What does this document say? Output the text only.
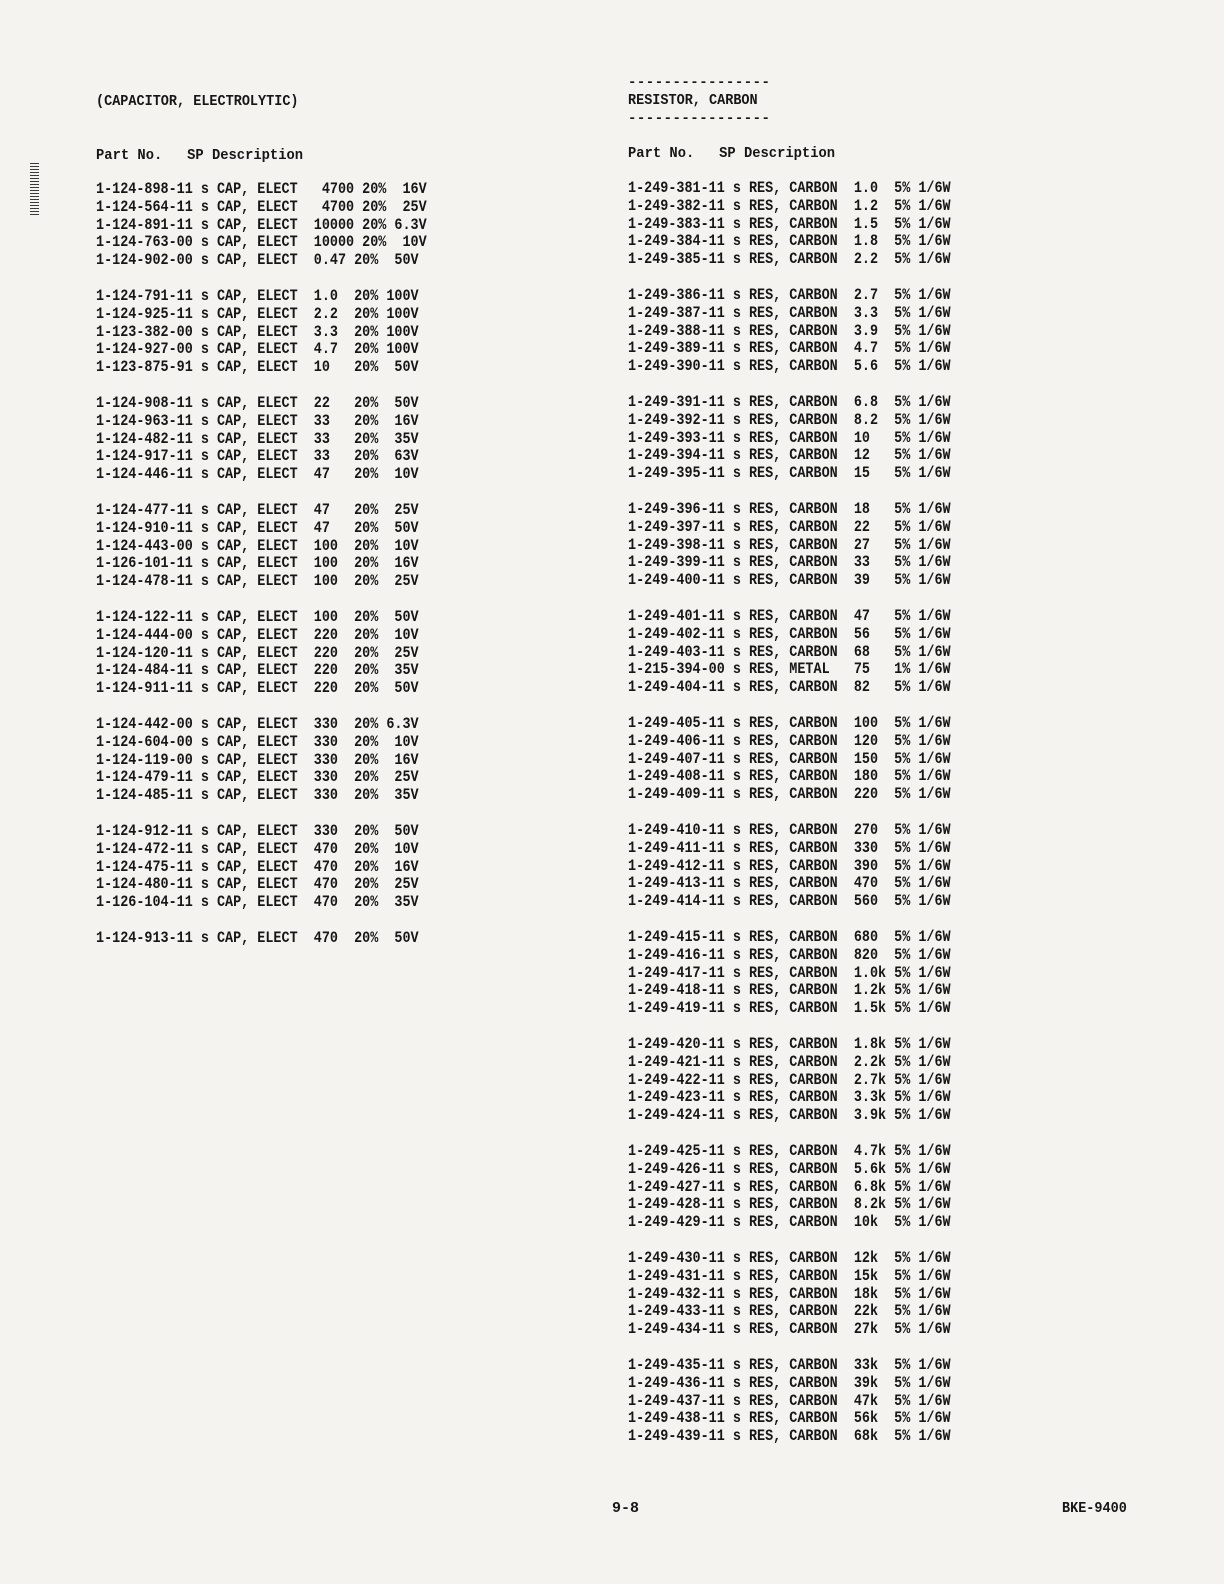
(CAPACITOR, ELECTROLYTIC)
Part No.   SP Description
1-124-898-11 s CAP, ELECT   4700 20%  16V
1-124-564-11 s CAP, ELECT   4700 20%  25V
1-124-891-11 s CAP, ELECT  10000 20% 6.3V
1-124-763-00 s CAP, ELECT  10000 20%  10V
1-124-902-00 s CAP, ELECT  0.47 20%  50V
1-124-791-11 s CAP, ELECT  1.0  20% 100V
1-124-925-11 s CAP, ELECT  2.2  20% 100V
1-123-382-00 s CAP, ELECT  3.3  20% 100V
1-124-927-00 s CAP, ELECT  4.7  20% 100V
1-123-875-91 s CAP, ELECT  10   20%  50V
1-124-908-11 s CAP, ELECT  22   20%  50V
1-124-963-11 s CAP, ELECT  33   20%  16V
1-124-482-11 s CAP, ELECT  33   20%  35V
1-124-917-11 s CAP, ELECT  33   20%  63V
1-124-446-11 s CAP, ELECT  47   20%  10V
1-124-477-11 s CAP, ELECT  47   20%  25V
1-124-910-11 s CAP, ELECT  47   20%  50V
1-124-443-00 s CAP, ELECT  100  20%  10V
1-126-101-11 s CAP, ELECT  100  20%  16V
1-124-478-11 s CAP, ELECT  100  20%  25V
1-124-122-11 s CAP, ELECT  100  20%  50V
1-124-444-00 s CAP, ELECT  220  20%  10V
1-124-120-11 s CAP, ELECT  220  20%  25V
1-124-484-11 s CAP, ELECT  220  20%  35V
1-124-911-11 s CAP, ELECT  220  20%  50V
1-124-442-00 s CAP, ELECT  330  20% 6.3V
1-124-604-00 s CAP, ELECT  330  20%  10V
1-124-119-00 s CAP, ELECT  330  20%  16V
1-124-479-11 s CAP, ELECT  330  20%  25V
1-124-485-11 s CAP, ELECT  330  20%  35V
1-124-912-11 s CAP, ELECT  330  20%  50V
1-124-472-11 s CAP, ELECT  470  20%  10V
1-124-475-11 s CAP, ELECT  470  20%  16V
1-124-480-11 s CAP, ELECT  470  20%  25V
1-126-104-11 s CAP, ELECT  470  20%  35V
1-124-913-11 s CAP, ELECT  470  20%  50V
----------------
RESISTOR, CARBON
----------------
Part No.   SP Description
1-249-381-11 s RES, CARBON  1.0  5% 1/6W
1-249-382-11 s RES, CARBON  1.2  5% 1/6W
1-249-383-11 s RES, CARBON  1.5  5% 1/6W
1-249-384-11 s RES, CARBON  1.8  5% 1/6W
1-249-385-11 s RES, CARBON  2.2  5% 1/6W
1-249-386-11 s RES, CARBON  2.7  5% 1/6W
1-249-387-11 s RES, CARBON  3.3  5% 1/6W
1-249-388-11 s RES, CARBON  3.9  5% 1/6W
1-249-389-11 s RES, CARBON  4.7  5% 1/6W
1-249-390-11 s RES, CARBON  5.6  5% 1/6W
1-249-391-11 s RES, CARBON  6.8  5% 1/6W
1-249-392-11 s RES, CARBON  8.2  5% 1/6W
1-249-393-11 s RES, CARBON  10   5% 1/6W
1-249-394-11 s RES, CARBON  12   5% 1/6W
1-249-395-11 s RES, CARBON  15   5% 1/6W
1-249-396-11 s RES, CARBON  18   5% 1/6W
1-249-397-11 s RES, CARBON  22   5% 1/6W
1-249-398-11 s RES, CARBON  27   5% 1/6W
1-249-399-11 s RES, CARBON  33   5% 1/6W
1-249-400-11 s RES, CARBON  39   5% 1/6W
1-249-401-11 s RES, CARBON  47   5% 1/6W
1-249-402-11 s RES, CARBON  56   5% 1/6W
1-249-403-11 s RES, CARBON  68   5% 1/6W
1-215-394-00 s RES, METAL   75   1% 1/6W
1-249-404-11 s RES, CARBON  82   5% 1/6W
1-249-405-11 s RES, CARBON  100  5% 1/6W
1-249-406-11 s RES, CARBON  120  5% 1/6W
1-249-407-11 s RES, CARBON  150  5% 1/6W
1-249-408-11 s RES, CARBON  180  5% 1/6W
1-249-409-11 s RES, CARBON  220  5% 1/6W
1-249-410-11 s RES, CARBON  270  5% 1/6W
1-249-411-11 s RES, CARBON  330  5% 1/6W
1-249-412-11 s RES, CARBON  390  5% 1/6W
1-249-413-11 s RES, CARBON  470  5% 1/6W
1-249-414-11 s RES, CARBON  560  5% 1/6W
1-249-415-11 s RES, CARBON  680  5% 1/6W
1-249-416-11 s RES, CARBON  820  5% 1/6W
1-249-417-11 s RES, CARBON  1.0k 5% 1/6W
1-249-418-11 s RES, CARBON  1.2k 5% 1/6W
1-249-419-11 s RES, CARBON  1.5k 5% 1/6W
1-249-420-11 s RES, CARBON  1.8k 5% 1/6W
1-249-421-11 s RES, CARBON  2.2k 5% 1/6W
1-249-422-11 s RES, CARBON  2.7k 5% 1/6W
1-249-423-11 s RES, CARBON  3.3k 5% 1/6W
1-249-424-11 s RES, CARBON  3.9k 5% 1/6W
1-249-425-11 s RES, CARBON  4.7k 5% 1/6W
1-249-426-11 s RES, CARBON  5.6k 5% 1/6W
1-249-427-11 s RES, CARBON  6.8k 5% 1/6W
1-249-428-11 s RES, CARBON  8.2k 5% 1/6W
1-249-429-11 s RES, CARBON  10k  5% 1/6W
1-249-430-11 s RES, CARBON  12k  5% 1/6W
1-249-431-11 s RES, CARBON  15k  5% 1/6W
1-249-432-11 s RES, CARBON  18k  5% 1/6W
1-249-433-11 s RES, CARBON  22k  5% 1/6W
1-249-434-11 s RES, CARBON  27k  5% 1/6W
1-249-435-11 s RES, CARBON  33k  5% 1/6W
1-249-436-11 s RES, CARBON  39k  5% 1/6W
1-249-437-11 s RES, CARBON  47k  5% 1/6W
1-249-438-11 s RES, CARBON  56k  5% 1/6W
1-249-439-11 s RES, CARBON  68k  5% 1/6W
9-8	BKE-9400
